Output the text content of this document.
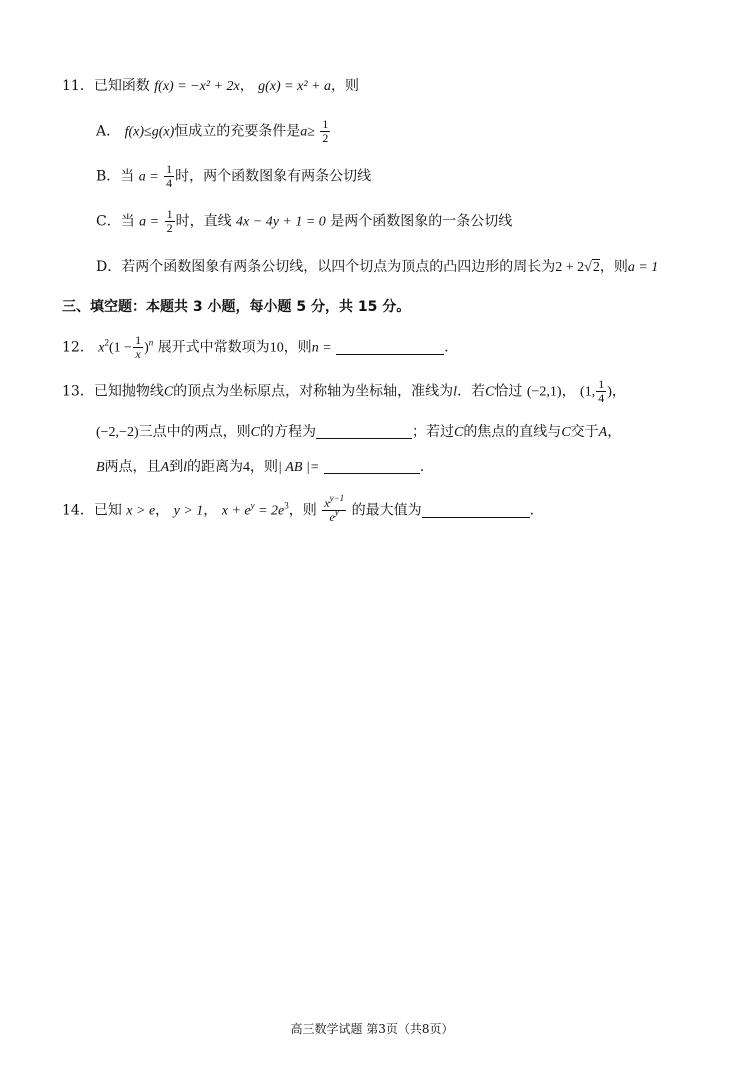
11．已知函数 f(x) = −x² + 2x， g(x) = x² + a，则
A． f(x)≤g(x)恒成立的充要条件是$a\ge \frac{1}{2}$
B．当 $a = \frac{1}{4}$ 时，两个函数图象有两条公切线
C．当 $a = \frac{1}{2}$ 时，直线 4x − 4y + 1 = 0 是两个函数图象的一条公切线
D．若两个函数图象有两条公切线，以四个切点为顶点的凸四边形的周长为2 + 2√2，则a = 1
三、填空题：本题共 3 小题，每小题 5 分，共 15 分。
12． $x^2(1 - \frac{1}{x} )^n$ 展开式中常数项为10，则n =	.
13．已知抛物线C的顶点为坐标原点，对称轴为坐标轴，准线为l．若C恰过 (−2,1)， (1, $\frac{1}{4}$ )，
(−2,−2)三点中的两点，则C的方程为	；若过C的焦点的直线与C交于A，
B两点，且A到l的距离为4，则| AB |=	.
14．已知 x > e， y > 1， $x + e^y = 2e^3$，则 $\frac{x^{y-1}}{e^y}$ 的最大值为	.
高三数学试题 第3页（共8页）
